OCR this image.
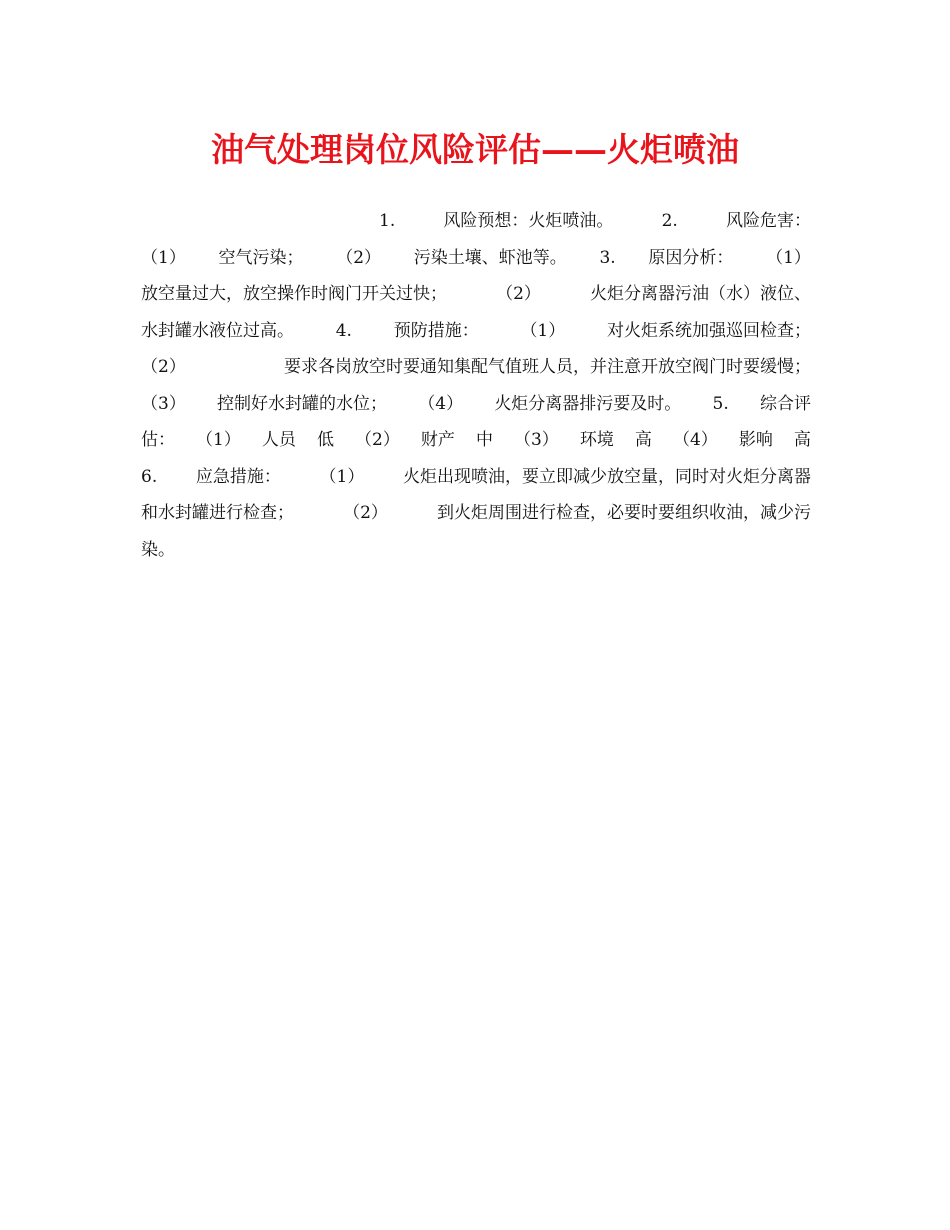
油气处理岗位风险评估——火炬喷油
1.	风险预想：火炬喷油。	2.	风险危害：
（1） 空气污染； （2） 污染土壤、虾池等。 3. 原因分析： （1）
放空量过大，放空操作时阀门开关过快；	（2）	火炬分离器污油（水）液位、
水封罐水液位过高。 4. 预防措施： （1） 对火炬系统加强巡回检查；
（2）	要求各岗放空时要通知集配气值班人员，并注意开放空阀门时要缓慢；
（3） 控制好水封罐的水位； （4） 火炬分离器排污要及时。 5. 综合评
估： （1） 人员 低 （2） 财产 中 （3） 环境 高 （4） 影响 高
6. 应急措施： （1） 火炬出现喷油，要立即减少放空量，同时对火炬分离器
和水封罐进行检查；	（2）	到火炬周围进行检查，必要时要组织收油，减少污
染。
